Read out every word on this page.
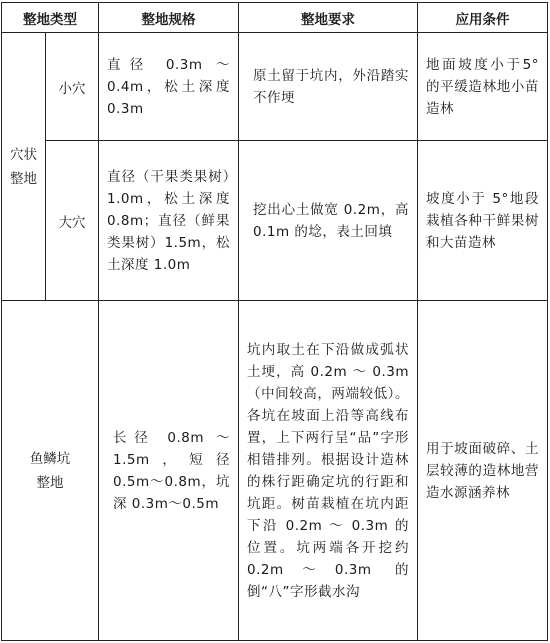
整地类型		整地规格	整地要求	应用条件

穴状整地	小穴	直径 0.3m ～ 0.4m，松土深度 0.3m	原土留于坑内，外沿踏实不作埂	地面坡度小于5°的平缓造林地小苗造林
	大穴	直径（干果类果树）1.0m，松土深度 0.8m；直径（鲜果类果树）1.5m，松土深度 1.0m	挖出心土做宽 0.2m，高 0.1m 的埝，表土回填	坡度小于 5°地段栽植各种干鲜果树和大苗造林

鱼鳞坑整地		长径 0.8m ～ 1.5m，短径 0.5m～0.8m，坑深 0.3m～0.5m	坑内取土在下沿做成弧状土埂，高 0.2m ～ 0.3m（中间较高，两端较低）。各坑在坡面上沿等高线布置，上下两行呈“品”字形相错排列。根据设计造林的株行距确定坑的行距和坑距。树苗栽植在坑内距下沿 0.2m ～ 0.3m 的位置。坑两端各开挖约 0.2m～0.3m 的倒“八”字形截水沟	用于坡面破碎、土层较薄的造林地营造水源涵养林
